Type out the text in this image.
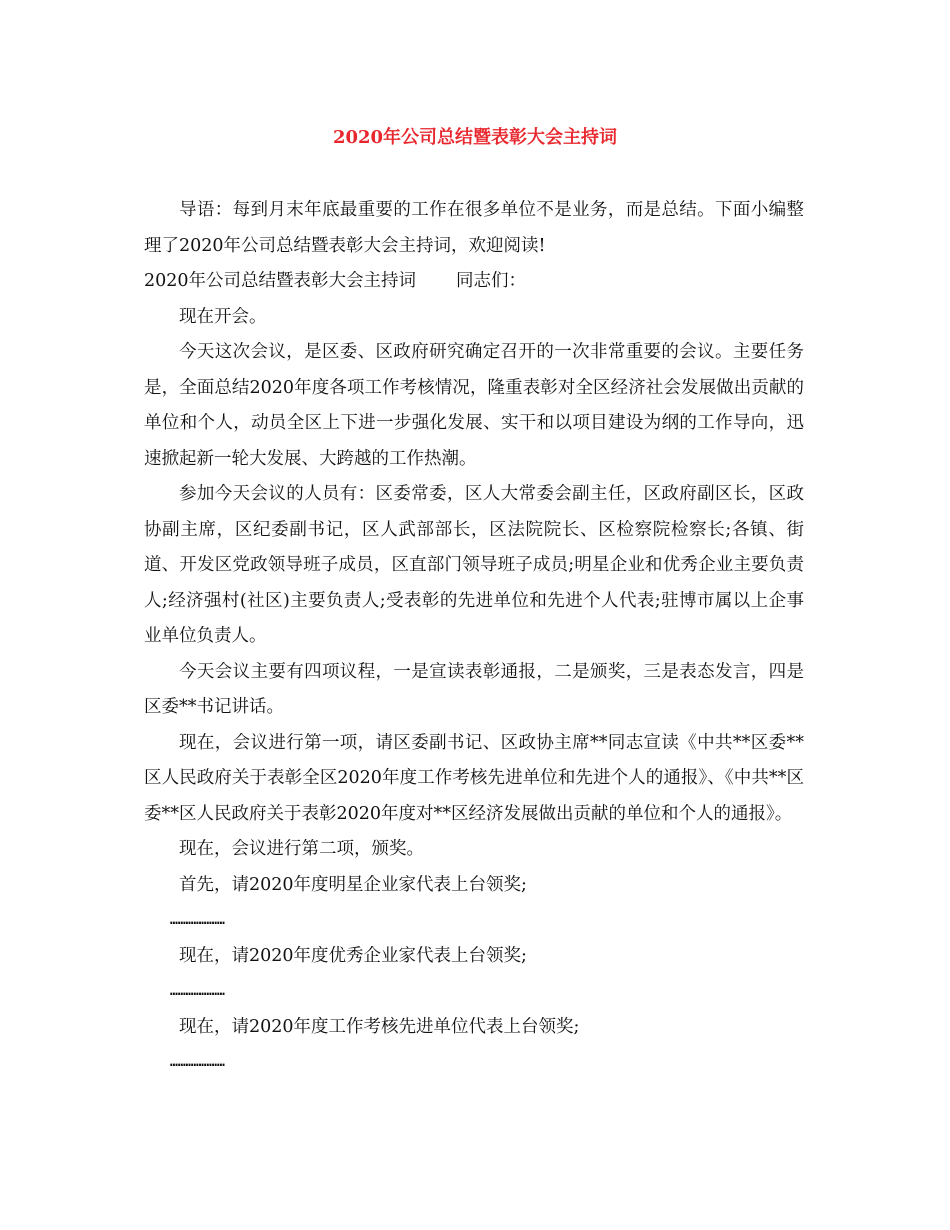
2020年公司总结暨表彰大会主持词

导语：每到月末年底最重要的工作在很多单位不是业务，而是总结。下面小编整理了2020年公司总结暨表彰大会主持词，欢迎阅读!

2020年公司总结暨表彰大会主持词 同志们：

现在开会。

今天这次会议，是区委、区政府研究确定召开的一次非常重要的会议。主要任务是，全面总结2020年度各项工作考核情况，隆重表彰对全区经济社会发展做出贡献的单位和个人，动员全区上下进一步强化发展、实干和以项目建设为纲的工作导向，迅速掀起新一轮大发展、大跨越的工作热潮。

参加今天会议的人员有：区委常委，区人大常委会副主任，区政府副区长，区政协副主席，区纪委副书记，区人武部部长，区法院院长、区检察院检察长;各镇、街道、开发区党政领导班子成员，区直部门领导班子成员;明星企业和优秀企业主要负责人;经济强村(社区)主要负责人;受表彰的先进单位和先进个人代表;驻博市属以上企事业单位负责人。

今天会议主要有四项议程，一是宣读表彰通报，二是颁奖，三是表态发言，四是区委**书记讲话。

现在，会议进行第一项，请区委副书记、区政协主席**同志宣读《中共**区委**区人民政府关于表彰全区2020年度工作考核先进单位和先进个人的通报》、《中共**区委**区人民政府关于表彰2020年度对**区经济发展做出贡献的单位和个人的通报》。

现在，会议进行第二项，颁奖。

首先，请2020年度明星企业家代表上台领奖;

…………………

现在，请2020年度优秀企业家代表上台领奖;

…………………

现在，请2020年度工作考核先进单位代表上台领奖;

…………………
